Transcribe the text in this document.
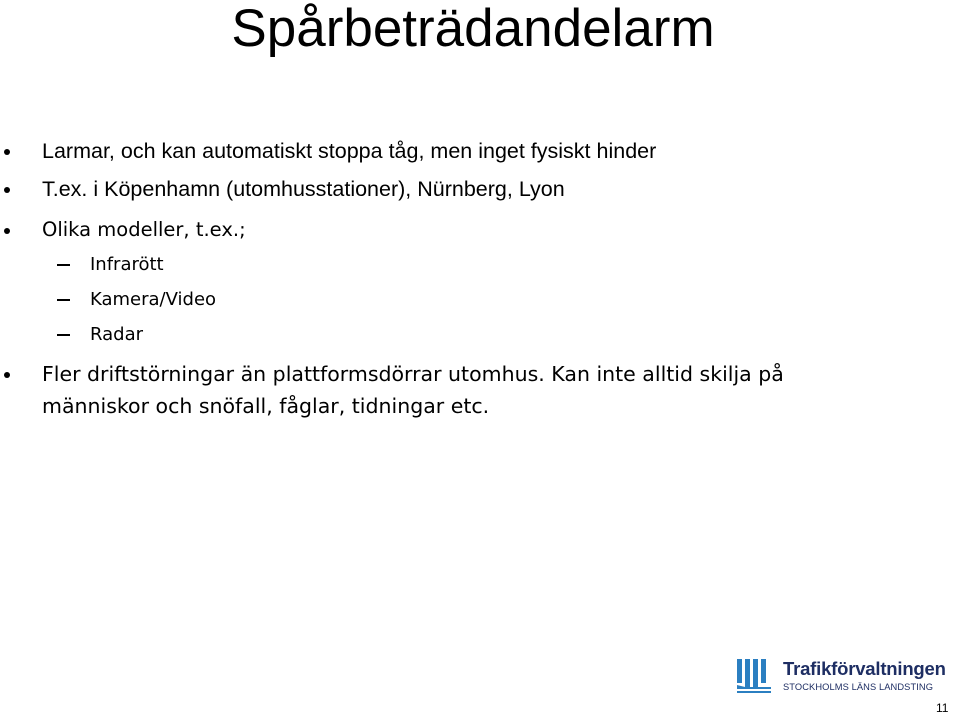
Spårbeträdandelarm
Larmar, och kan automatiskt stoppa tåg, men inget fysiskt hinder
T.ex. i Köpenhamn (utomhusstationer), Nürnberg, Lyon
Olika modeller, t.ex.;
Infrarött
Kamera/Video
Radar
Fler driftstörningar än plattformsdörrar utomhus. Kan inte alltid skilja på människor och snöfall, fåglar, tidningar etc.
Trafikförvaltningen
STOCKHOLMS LÄNS LANDSTING
11
